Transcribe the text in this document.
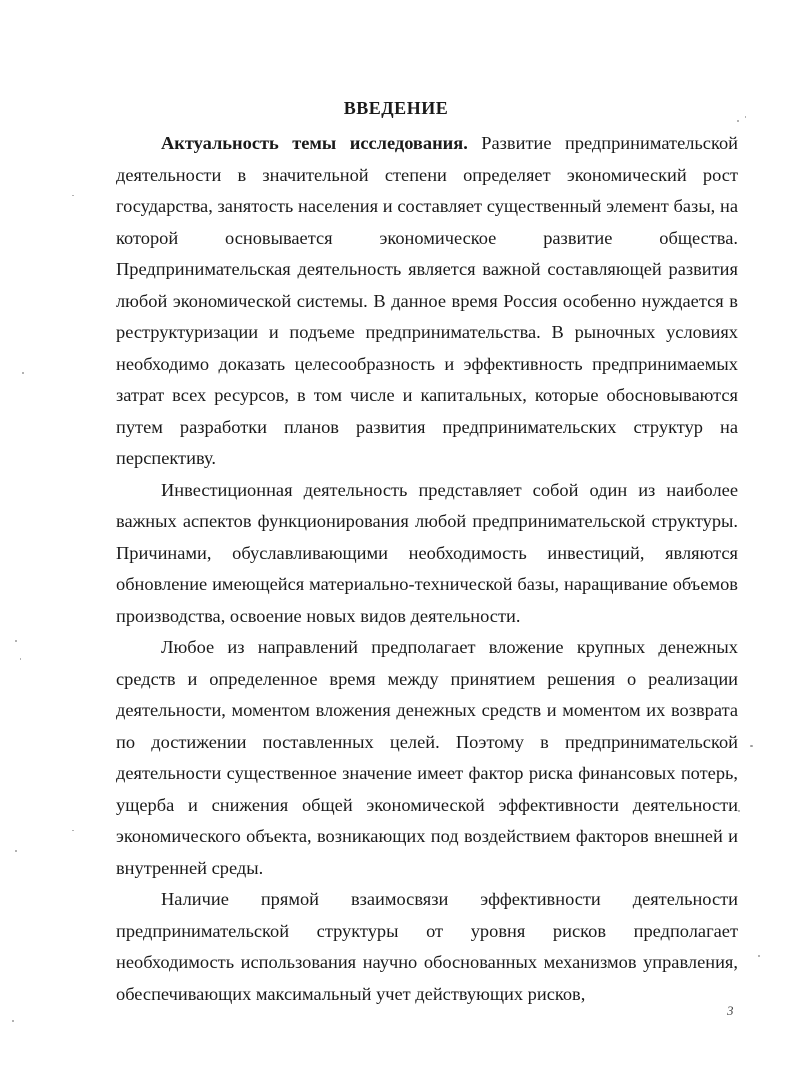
ВВЕДЕНИЕ

Актуальность темы исследования. Развитие предпринимательской деятельности в значительной степени определяет экономический рост государства, занятость населения и составляет существенный элемент базы, на которой основывается экономическое развитие общества. Предпринимательская деятельность является важной составляющей развития любой экономической системы. В данное время Россия особенно нуждается в реструктуризации и подъеме предпринимательства. В рыночных условиях необходимо доказать целесообразность и эффективность предпринимаемых затрат всех ресурсов, в том числе и капитальных, которые обосновываются путем разработки планов развития предпринимательских структур на перспективу.

Инвестиционная деятельность представляет собой один из наиболее важных аспектов функционирования любой предпринимательской структуры. Причинами, обуславливающими необходимость инвестиций, являются обновление имеющейся материально-технической базы, наращивание объемов производства, освоение новых видов деятельности.

Любое из направлений предполагает вложение крупных денежных средств и определенное время между принятием решения о реализации деятельности, моментом вложения денежных средств и моментом их возврата по достижении поставленных целей. Поэтому в предпринимательской деятельности существенное значение имеет фактор риска финансовых потерь, ущерба и снижения общей экономической эффективности деятельности экономического объекта, возникающих под воздействием факторов внешней и внутренней среды.

Наличие прямой взаимосвязи эффективности деятельности предпринимательской структуры от уровня рисков предполагает необходимость использования научно обоснованных механизмов управления, обеспечивающих максимальный учет действующих рисков,

3
